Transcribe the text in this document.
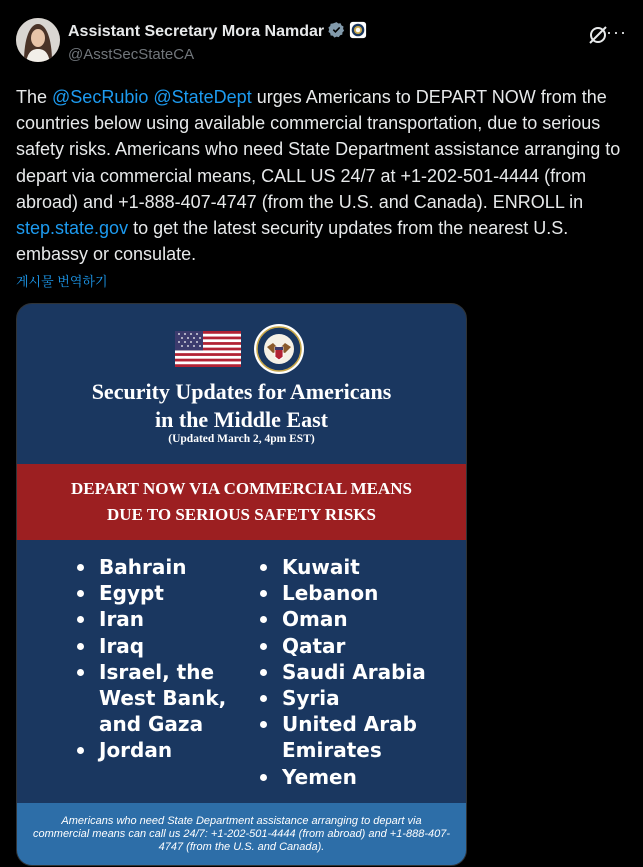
Assistant Secretary Mora Namdar
@AsstSecStateCA
···
The @SecRubio @StateDept urges Americans to DEPART NOW from the countries below using available commercial transportation, due to serious safety risks. Americans who need State Department assistance arranging to depart via commercial means, CALL US 24/7 at +1-202-501-4444 (from abroad) and +1-888-407-4747 (from the U.S. and Canada). ENROLL in step.state.gov to get the latest security updates from the nearest U.S. embassy or consulate.
게시물 번역하기
Security Updates for Americans
in the Middle East
(Updated March 2, 4pm EST)
DEPART NOW VIA COMMERCIAL MEANS
DUE TO SERIOUS SAFETY RISKS
Bahrain
Egypt
Iran
Iraq
Israel, the West Bank, and Gaza
Jordan
Kuwait
Lebanon
Oman
Qatar
Saudi Arabia
Syria
United Arab Emirates
Yemen
Americans who need State Department assistance arranging to depart via commercial means can call us 24/7: +1-202-501-4444 (from abroad) and +1-888-407-4747 (from the U.S. and Canada).
